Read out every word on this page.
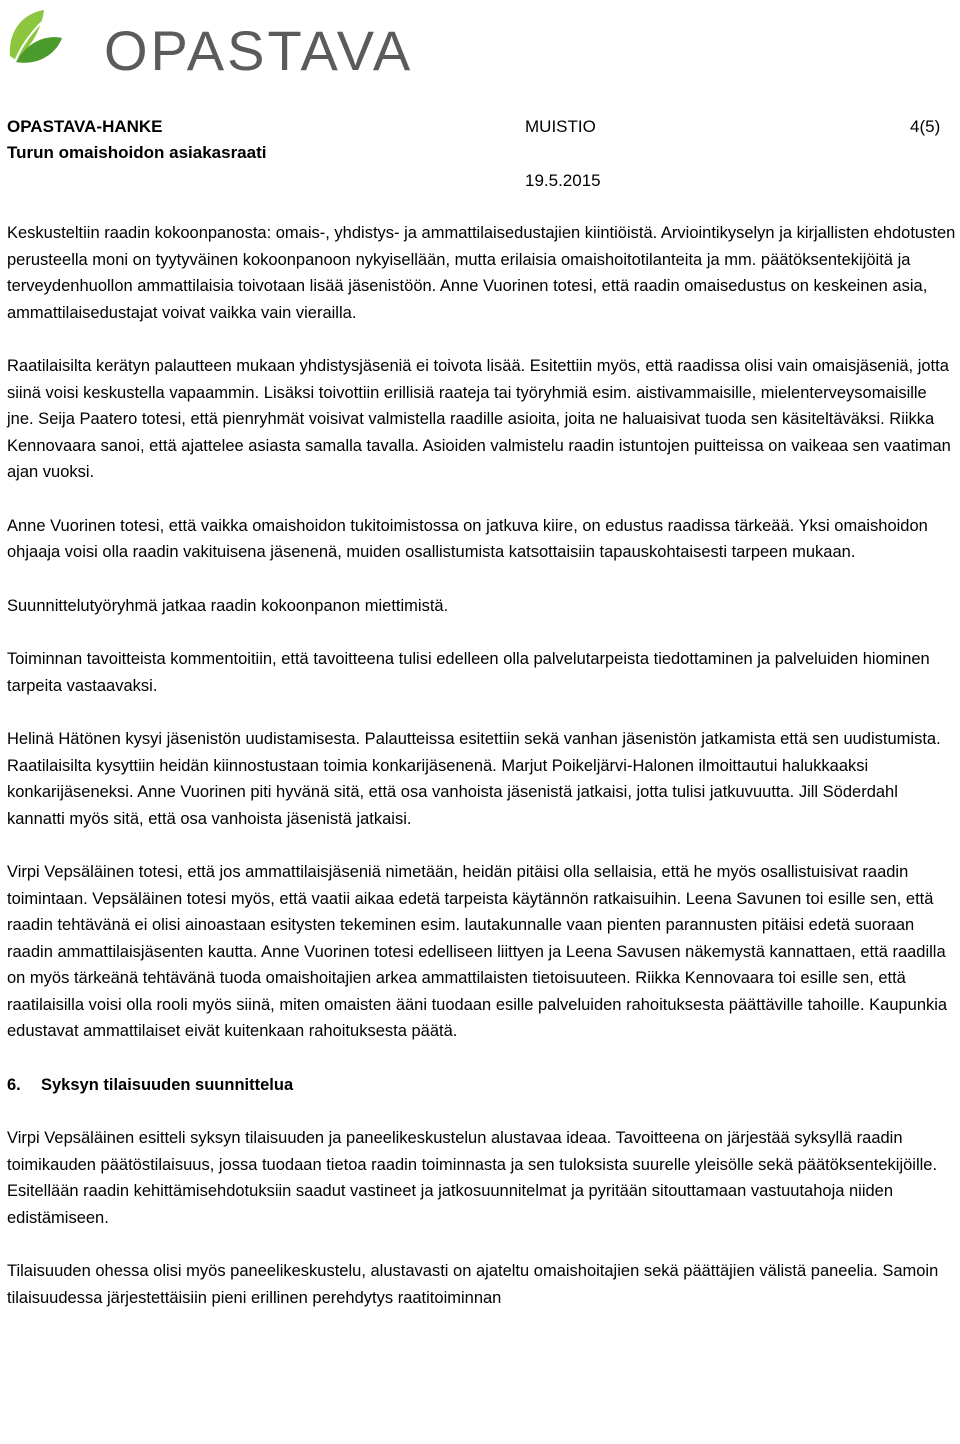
OPASTAVA
OPASTAVA-HANKE
Turun omaishoidon asiakasraati
MUISTIO	4(5)
19.5.2015

Keskusteltiin raadin kokoonpanosta: omais-, yhdistys- ja ammattilaisedustajien kiintiöistä. Arviointikyselyn ja kirjallisten ehdotusten perusteella moni on tyytyväinen kokoonpanoon nykyisellään, mutta erilaisia omaishoitotilanteita ja mm. päätöksentekijöitä ja terveydenhuollon ammattilaisia toivotaan lisää jäsenistöön. Anne Vuorinen totesi, että raadin omaisedustus on keskeinen asia, ammattilaisedustajat voivat vaikka vain vierailla.

Raatilaisilta kerätyn palautteen mukaan yhdistysjäseniä ei toivota lisää. Esitettiin myös, että raadissa olisi vain omaisjäseniä, jotta siinä voisi keskustella vapaammin. Lisäksi toivottiin erillisiä raateja tai työryhmiä esim. aistivammaisille, mielenterveysomaisille jne. Seija Paatero totesi, että pienryhmät voisivat valmistella raadille asioita, joita ne haluaisivat tuoda sen käsiteltäväksi. Riikka Kennovaara sanoi, että ajattelee asiasta samalla tavalla. Asioiden valmistelu raadin istuntojen puitteissa on vaikeaa sen vaatiman ajan vuoksi.

Anne Vuorinen totesi, että vaikka omaishoidon tukitoimistossa on jatkuva kiire, on edustus raadissa tärkeää. Yksi omaishoidon ohjaaja voisi olla raadin vakituisena jäsenenä, muiden osallistumista katsottaisiin tapauskohtaisesti tarpeen mukaan.

Suunnittelutyöryhmä jatkaa raadin kokoonpanon miettimistä.

Toiminnan tavoitteista kommentoitiin, että tavoitteena tulisi edelleen olla palvelutarpeista tiedottaminen ja palveluiden hiominen tarpeita vastaavaksi.

Helinä Hätönen kysyi jäsenistön uudistamisesta. Palautteissa esitettiin sekä vanhan jäsenistön jatkamista että sen uudistumista. Raatilaisilta kysyttiin heidän kiinnostustaan toimia konkarijäsenenä. Marjut Poikeljärvi-Halonen ilmoittautui halukkaaksi konkarijäseneksi. Anne Vuorinen piti hyvänä sitä, että osa vanhoista jäsenistä jatkaisi, jotta tulisi jatkuvuutta. Jill Söderdahl kannatti myös sitä, että osa vanhoista jäsenistä jatkaisi.

Virpi Vepsäläinen totesi, että jos ammattilaisjäseniä nimetään, heidän pitäisi olla sellaisia, että he myös osallistuisivat raadin toimintaan. Vepsäläinen totesi myös, että vaatii aikaa edetä tarpeista käytännön ratkaisuihin. Leena Savunen toi esille sen, että raadin tehtävänä ei olisi ainoastaan esitysten tekeminen esim. lautakunnalle vaan pienten parannusten pitäisi edetä suoraan raadin ammattilaisjäsenten kautta. Anne Vuorinen totesi edelliseen liittyen ja Leena Savusen näkemystä kannattaen, että raadilla on myös tärkeänä tehtävänä tuoda omaishoitajien arkea ammattilaisten tietoisuuteen. Riikka Kennovaara toi esille sen, että raatilaisilla voisi olla rooli myös siinä, miten omaisten ääni tuodaan esille palveluiden rahoituksesta päättäville tahoille. Kaupunkia edustavat ammattilaiset eivät kuitenkaan rahoituksesta päätä.

6. Syksyn tilaisuuden suunnittelua

Virpi Vepsäläinen esitteli syksyn tilaisuuden ja paneelikeskustelun alustavaa ideaa. Tavoitteena on järjestää syksyllä raadin toimikauden päätöstilaisuus, jossa tuodaan tietoa raadin toiminnasta ja sen tuloksista suurelle yleisölle sekä päätöksentekijöille. Esitellään raadin kehittämisehdotuksiin saadut vastineet ja jatkosuunnitelmat ja pyritään sitouttamaan vastuutahoja niiden edistämiseen.

Tilaisuuden ohessa olisi myös paneelikeskustelu, alustavasti on ajateltu omaishoitajien sekä päättäjien välistä paneelia. Samoin tilaisuudessa järjestettäisiin pieni erillinen perehdytys raatitoiminnan
